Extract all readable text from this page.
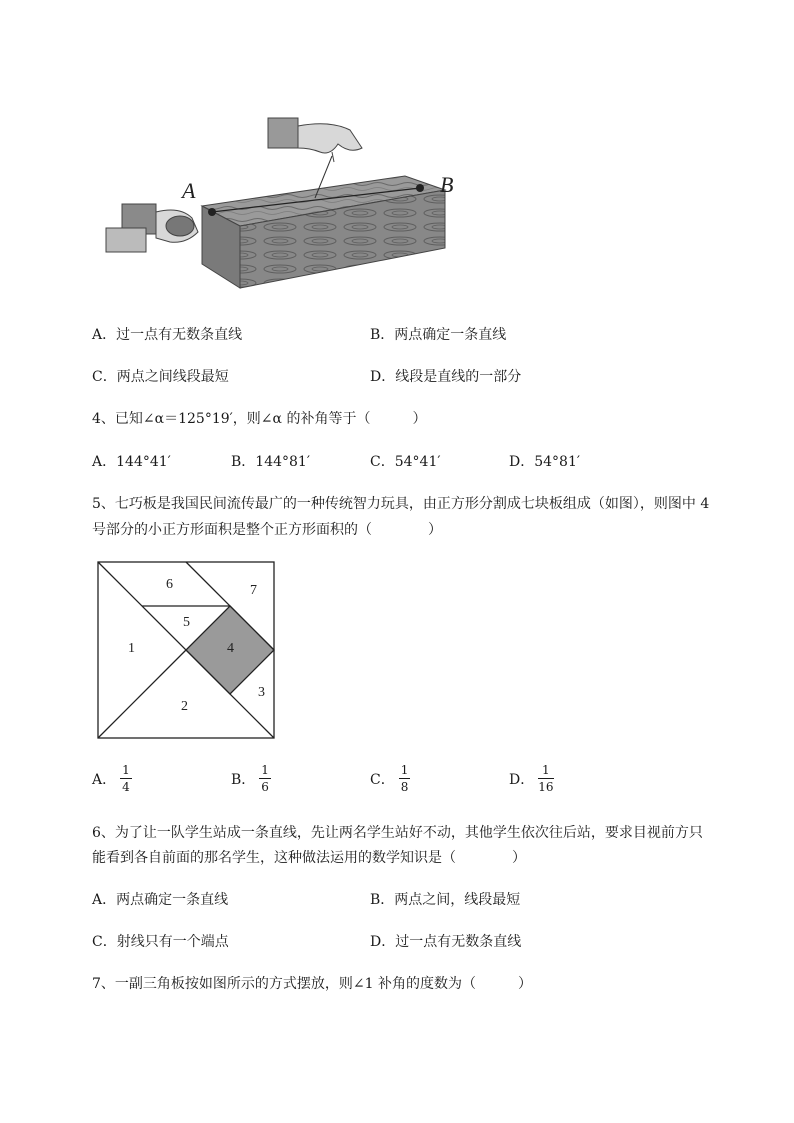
A	B
A．过一点有无数条直线	B．两点确定一条直线
C．两点之间线段最短	D．线段是直线的一部分
4、已知∠α＝125°19′，则∠α 的补角等于（　　　）
A．144°41′	B．144°81′	C．54°41′	D．54°81′
5、七巧板是我国民间流传最广的一种传统智力玩具，由正方形分割成七块板组成（如图），则图中 4
号部分的小正方形面积是整个正方形面积的（　　　　）
1
2
3
4
5
6	7
A． $\frac{1}{4}$	B． $\frac{1}{6}$	C． $\frac{1}{8}$	D． $\frac{1}{16}$
6、为了让一队学生站成一条直线，先让两名学生站好不动，其他学生依次往后站，要求目视前方只
能看到各自前面的那名学生，这种做法运用的数学知识是（　　　　）
A．两点确定一条直线	B．两点之间，线段最短
C．射线只有一个端点	D．过一点有无数条直线
7、一副三角板按如图所示的方式摆放，则∠1 补角的度数为（　　　）
